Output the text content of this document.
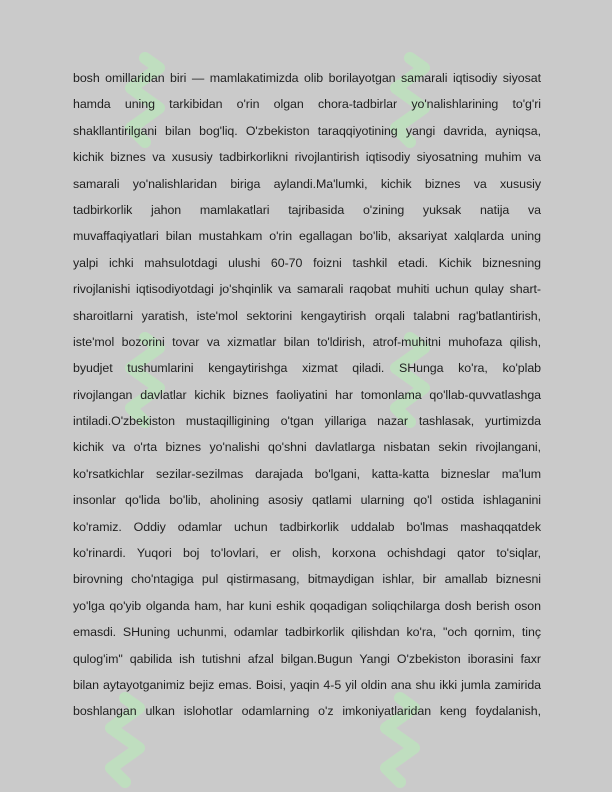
bosh omillaridan biri — mamlakatimizda olib borilayotgan samarali iqtisodiy siyosat
hamda uning tarkibidan o'rin olgan chora-tadbirlar yo'nalishlarining to'g'ri
shakllantirilgani bilan bog'liq. O'zbekiston taraqqiyotining yangi davrida, ayniqsa,
kichik biznes va xususiy tadbirkorlikni rivojlantirish iqtisodiy siyosatning muhim va
samarali yo'nalishlaridan biriga aylandi.Ma'lumki, kichik biznes va xususiy
tadbirkorlik jahon mamlakatlari tajribasida o'zining yuksak natija va
muvaffaqiyatlari bilan mustahkam o'rin egallagan bo'lib, aksariyat xalqlarda uning
yalpi ichki mahsulotdagi ulushi 60-70 foizni tashkil etadi. Kichik biznesning
rivojlanishi iqtisodiyotdagi jo'shqinlik va samarali raqobat muhiti uchun qulay shart-
sharoitlarni yaratish, iste'mol sektorini kengaytirish orqali talabni rag'batlantirish,
iste'mol bozorini tovar va xizmatlar bilan to'ldirish, atrof-muhitni muhofaza qilish,
byudjet tushumlarini kengaytirishga xizmat qiladi. SHunga ko'ra, ko'plab
rivojlangan davlatlar kichik biznes faoliyatini har tomonlama qo'llab-quvvatlashga
intiladi.O'zbekiston mustaqilligining o'tgan yillariga nazar tashlasak, yurtimizda
kichik va o'rta biznes yo'nalishi qo'shni davlatlarga nisbatan sekin rivojlangani,
ko'rsatkichlar sezilar-sezilmas darajada bo'lgani, katta-katta bizneslar ma'lum
insonlar qo'lida bo'lib, aholining asosiy qatlami ularning qo'l ostida ishlaganini
ko'ramiz. Oddiy odamlar uchun tadbirkorlik uddalab bo'lmas mashaqqatdek
ko'rinardi. Yuqori boj to'lovlari, er olish, korxona ochishdagi qator to'siqlar,
birovning cho'ntagiga pul qistirmasang, bitmaydigan ishlar, bir amallab biznesni
yo'lga qo'yib olganda ham, har kuni eshik qoqadigan soliqchilarga dosh berish oson
emasdi. SHuning uchunmi, odamlar tadbirkorlik qilishdan ko'ra, "och qornim, tinç
qulog'im" qabilida ish tutishni afzal bilgan.Bugun Yangi O'zbekiston iborasini faxr
bilan aytayotganimiz bejiz emas. Boisi, yaqin 4-5 yil oldin ana shu ikki jumla zamirida
boshlangan ulkan islohotlar odamlarning o'z imkoniyatlaridan keng foydalanish,
